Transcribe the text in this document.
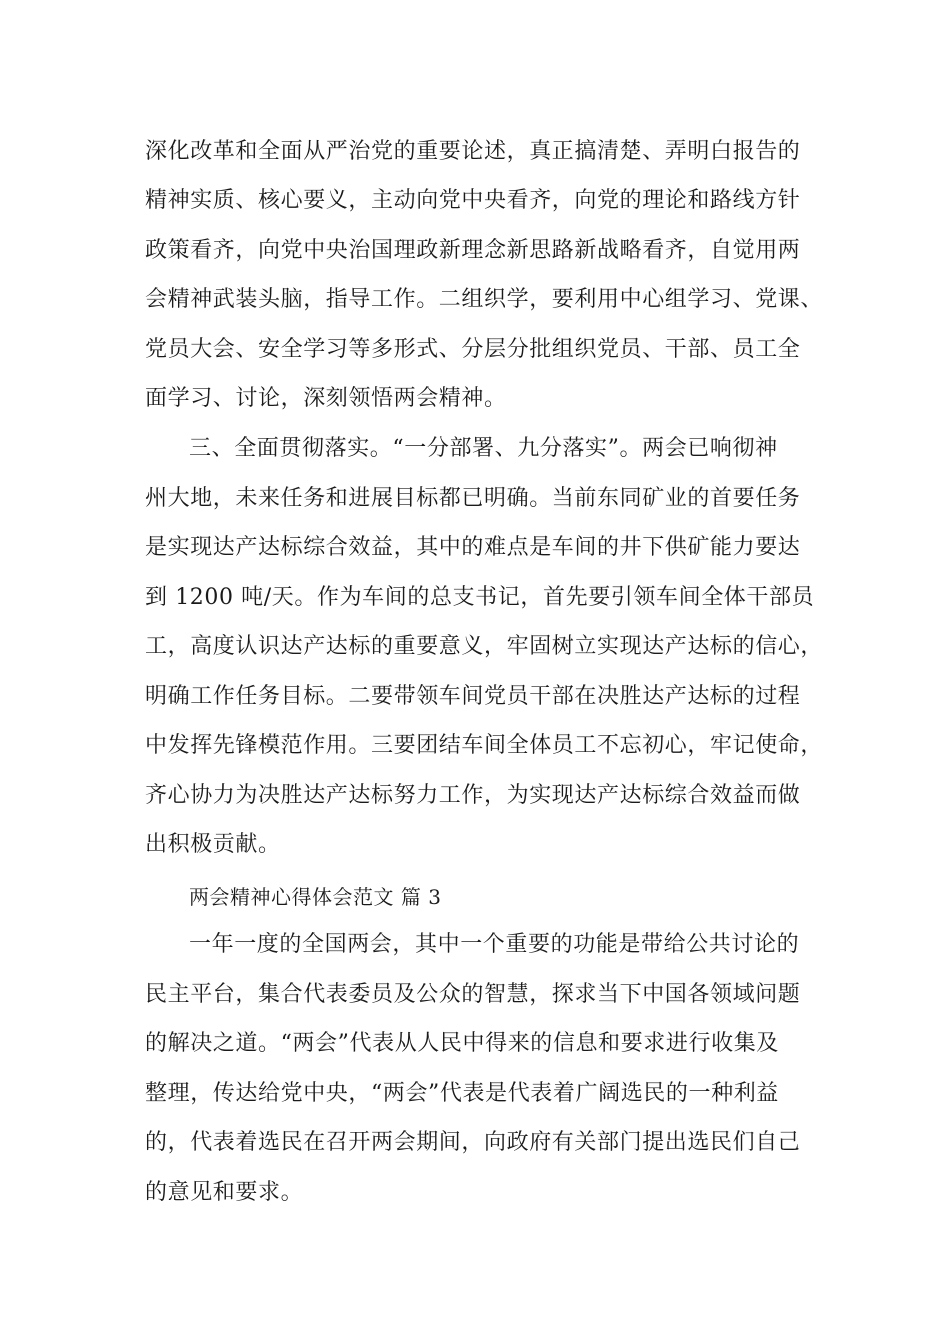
深化改革和全面从严治党的重要论述，真正搞清楚、弄明白报告的
精神实质、核心要义，主动向党中央看齐，向党的理论和路线方针
政策看齐，向党中央治国理政新理念新思路新战略看齐，自觉用两
会精神武装头脑，指导工作。二组织学，要利用中心组学习、党课、
党员大会、安全学习等多形式、分层分批组织党员、干部、员工全
面学习、讨论，深刻领悟两会精神。
三、全面贯彻落实。“一分部署、九分落实”。两会已响彻神
州大地，未来任务和进展目标都已明确。当前东同矿业的首要任务
是实现达产达标综合效益，其中的难点是车间的井下供矿能力要达
到 1200 吨/天。作为车间的总支书记，首先要引领车间全体干部员
工，高度认识达产达标的重要意义，牢固树立实现达产达标的信心，
明确工作任务目标。二要带领车间党员干部在决胜达产达标的过程
中发挥先锋模范作用。三要团结车间全体员工不忘初心，牢记使命，
齐心协力为决胜达产达标努力工作，为实现达产达标综合效益而做
出积极贡献。
两会精神心得体会范文 篇 3
一年一度的全国两会，其中一个重要的功能是带给公共讨论的
民主平台，集合代表委员及公众的智慧，探求当下中国各领域问题
的解决之道。“两会”代表从人民中得来的信息和要求进行收集及
整理，传达给党中央，“两会”代表是代表着广阔选民的一种利益
的，代表着选民在召开两会期间，向政府有关部门提出选民们自己
的意见和要求。
